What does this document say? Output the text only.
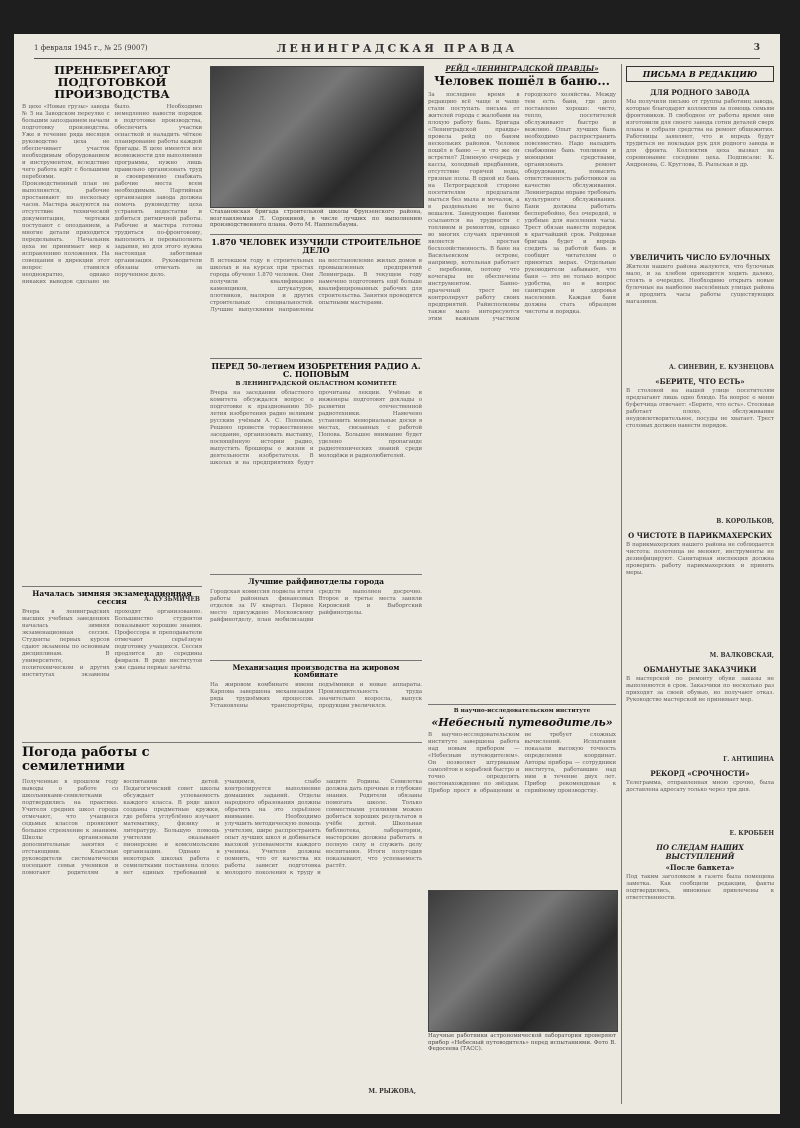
1 февраля 1945 г., № 25 (9007)	ЛЕНИНГРАДСКАЯ ПРАВДА	3
ПРЕНЕБРЕГАЮТ ПОДГОТОВКОЙ ПРОИЗВОДСТВА
В цехе «Новые грузы» завода № 5 на Заводском переулке с большим запозданием начали подготовку производства. Уже в течение ряда месяцев руководство цеха не обеспечивает участок необходимым оборудованием и инструментом, вследствие чего работа идёт с большими перебоями. Производственный план не выполняется, рабочие простаивают по нескольку часов. Мастера жалуются на отсутствие технической документации, чертежи поступают с опозданием, а многие детали приходится переделывать. Начальник цеха не принимает мер к исправлению положения. На совещании в дирекции этот вопрос ставился неоднократно, однако никаких выводов сделано не было. Необходимо немедленно навести порядок в подготовке производства, обеспечить участки оснасткой и наладить чёткое планирование работы каждой бригады. В цехе имеются все возможности для выполнения программы, нужно лишь правильно организовать труд и своевременно снабжать рабочие места всем необходимым. Партийная организация завода должна помочь руководству цеха устранить недостатки и добиться ритмичной работы. Рабочие и мастера готовы трудиться по-фронтовому, выполнять и перевыполнять задания, но для этого нужна настоящая заботливая организация. Руководители обязаны отвечать за порученное дело.
А. КУЗЬМИЧЕВ
Началась зимняя экзаменационная сессия
Вчера в ленинградских высших учебных заведениях началась зимняя экзаменационная сессия. Студенты первых курсов сдают экзамены по основным дисциплинам. В университете, политехническом и других институтах экзамены проходят организованно. Большинство студентов показывают хорошие знания. Профессора и преподаватели отмечают серьёзную подготовку учащихся. Сессия продлится до середины февраля. В ряде институтов уже сданы первые зачёты.
Погода работы с семилетними
Полученные в прошлом году выводы о работе со школьниками-семилетками подтвердились на практике. Учителя средних школ города отмечают, что учащиеся седьмых классов проявляют большое стремление к знаниям. Школы организовали дополнительные занятия с отстающими. Классные руководители систематически посещают семьи учеников и помогают родителям в воспитании детей. Педагогический совет школы обсуждает успеваемость каждого класса. В ряде школ созданы предметные кружки, где ребята углублённо изучают математику, физику и литературу. Большую помощь учителям оказывают пионерские и комсомольские организации. Однако в некоторых школах работа с семилетками поставлена плохо: нет единых требований к учащимся, слабо контролируется выполнение домашних заданий. Отделы народного образования должны обратить на это серьёзное внимание. Необходимо улучшить методическую помощь учителям, шире распространять опыт лучших школ и добиваться высокой успеваемости каждого ученика. Учителя должны помнить, что от качества их работы зависит подготовка молодого поколения к труду и защите Родины. Семилетка должна дать прочные и глубокие знания. Родители обязаны помогать школе. Только совместными усилиями можно добиться хороших результатов в учёбе детей. Школьная библиотека, лаборатории, мастерские должны работать в полную силу и служить делу воспитания. Итоги полугодия показывают, что успеваемость растёт.
М. РЫЖОВА,
Стахановская бригада строительной школы Фрунзенского района, возглавляемая Л. Сорокиной, в числе лучших по выполнению производственного плана. Фото М. Наппельбаума.
1.870 ЧЕЛОВЕК ИЗУЧИЛИ СТРОИТЕЛЬНОЕ ДЕЛО
В истекшем году в строительных школах и на курсах при трестах города обучено 1.870 человек. Они получили квалификацию каменщиков, штукатуров, плотников, маляров и других строительных специальностей. Лучшие выпускники направлены на восстановление жилых домов и промышленных предприятий Ленинграда. В текущем году намечено подготовить ещё больше квалифицированных рабочих для строительства. Занятия проводятся опытными мастерами.
ПЕРЕД 50-летием ИЗОБРЕТЕНИЯ РАДИО А. С. ПОПОВЫМ
В ЛЕНИНГРАДСКОЙ ОБЛАСТНОМ КОМИТЕТЕ
Вчера на заседании областного комитета обсуждался вопрос о подготовке к празднованию 50-летия изобретения радио великим русским учёным А. С. Поповым. Решено провести торжественное заседание, организовать выставку, посвящённую истории радио, выпустить брошюры о жизни и деятельности изобретателя. В школах и на предприятиях будут прочитаны лекции. Учёные и инженеры подготовят доклады о развитии отечественной радиотехники. Намечено установить мемориальные доски в местах, связанных с работой Попова. Большое внимание будет уделено пропаганде радиотехнических знаний среди молодёжи и радиолюбителей.
Лучшие райфинотделы города
Городская комиссия подвела итоги работы районных финансовых отделов за IV квартал. Первое место присуждено Московскому райфинотделу, план мобилизации средств выполнен досрочно. Второе и третье места заняли Кировский и Выборгский райфинотделы.
Механизация производства на жировом комбинате
На жировом комбинате имени Карпова завершена механизация ряда трудоёмких процессов. Установлены транспортёры, подъёмники и новые аппараты. Производительность труда значительно возросла, выпуск продукции увеличился.
РЕЙД «ЛЕНИНГРАДСКОЙ ПРАВДЫ»
Человек пошёл в баню...
За последнее время в редакцию всё чаще и чаще стали поступать письма от жителей города с жалобами на плохую работу бань. Бригада «Ленинградской правды» провела рейд по баням нескольких районов. Человек пошёл в баню — и что же он встретил? Длинную очередь у кассы, холодный предбанник, отсутствие горячей воды, грязные полы. В одной из бань на Петроградской стороне посетителям предлагали мыться без мыла и мочалок, а в раздевальне не было вешалок. Заведующие банями ссылаются на трудности с топливом и ремонтом, однако во многих случаях причиной является простая бесхозяйственность. В бане на Васильевском острове, например, котельная работает с перебоями, потому что кочегары не обеспечены инструментом. Банно-прачечный трест не контролирует работу своих предприятий. Райисполкомы также мало интересуются этим важным участком городского хозяйства. Между тем есть бани, где дело поставлено хорошо: чисто, тепло, посетителей обслуживают быстро и вежливо. Опыт лучших бань необходимо распространить повсеместно. Надо наладить снабжение бань топливом и моющими средствами, организовать ремонт оборудования, повысить ответственность работников за качество обслуживания. Ленинградцы вправе требовать культурного обслуживания. Бани должны работать бесперебойно, без очередей, в удобные для населения часы. Трест обязан навести порядок в кратчайший срок. Рейдовая бригада будет и впредь следить за работой бань и сообщит читателям о принятых мерах. Отдельные руководители забывают, что баня — это не только вопрос удобства, но и вопрос санитарии и здоровья населения. Каждая баня должна стать образцом чистоты и порядка.
В научно-исследовательском институте
«Небесный путеводитель»
В научно-исследовательском институте завершена работа над новым прибором — «Небесным путеводителем». Он позволяет штурманам самолётов и кораблей быстро и точно определять местонахождение по звёздам. Прибор прост в обращении и не требует сложных вычислений. Испытания показали высокую точность определения координат. Авторы прибора — сотрудники института, работавшие над ним в течение двух лет. Прибор рекомендован к серийному производству.
Научные работники астрономической лаборатории проверяют прибор «Небесный путеводитель» перед испытаниями. Фото В. Федосеева (ТАСС).
ПИСЬМА В РЕДАКЦИЮ
ДЛЯ РОДНОГО ЗАВОДА
Мы получили письмо от группы работниц завода, которые благодарят коллектив за помощь семьям фронтовиков. В свободное от работы время они изготовили для своего завода сотни деталей сверх плана и собрали средства на ремонт общежития. Работницы заявляют, что и впредь будут трудиться не покладая рук для родного завода и для фронта. Коллектив цеха вызвал на соревнование соседние цеха. Подписали: К. Андронова, С. Круглова, В. Рыльская и др.
УВЕЛИЧИТЬ ЧИСЛО БУЛОЧНЫХ
Жители нашего района жалуются, что булочных мало, и за хлебом приходится ходить далеко, стоять в очередях. Необходимо открыть новые булочные на наиболее населённых улицах района и продлить часы работы существующих магазинов.
А. СИНЕВИН, Е. КУЗНЕЦОВА
«БЕРИТЕ, ЧТО ЕСТЬ»
В столовой на нашей улице посетителям предлагают лишь одно блюдо. На вопрос о меню буфетчица отвечает: «Берите, что есть». Столовая работает плохо, обслуживание неудовлетворительное, посуды не хватает. Трест столовых должен навести порядок.
В. КОРОЛЬКОВ,
О ЧИСТОТЕ В ПАРИКМАХЕРСКИХ
В парикмахерских нашего района не соблюдается чистота: полотенца не меняют, инструменты не дезинфицируют. Санитарная инспекция должна проверить работу парикмахерских и принять меры.
М. ВАЛКОВСКАЯ,
ОБМАНУТЫЕ ЗАКАЗЧИКИ
В мастерской по ремонту обуви заказы не выполняются в срок. Заказчики по несколько раз приходят за своей обувью, но получают отказ. Руководство мастерской не принимает мер.
Г. АНТИПИНА
РЕКОРД «СРОЧНОСТИ»
Телеграмма, отправленная мною срочно, была доставлена адресату только через три дня.
Е. КРОББЕН
ПО СЛЕДАМ НАШИХ ВЫСТУПЛЕНИЙ
«После банкета»
Под таким заголовком в газете была помещена заметка. Как сообщили редакции, факты подтвердились, виновные привлечены к ответственности.
